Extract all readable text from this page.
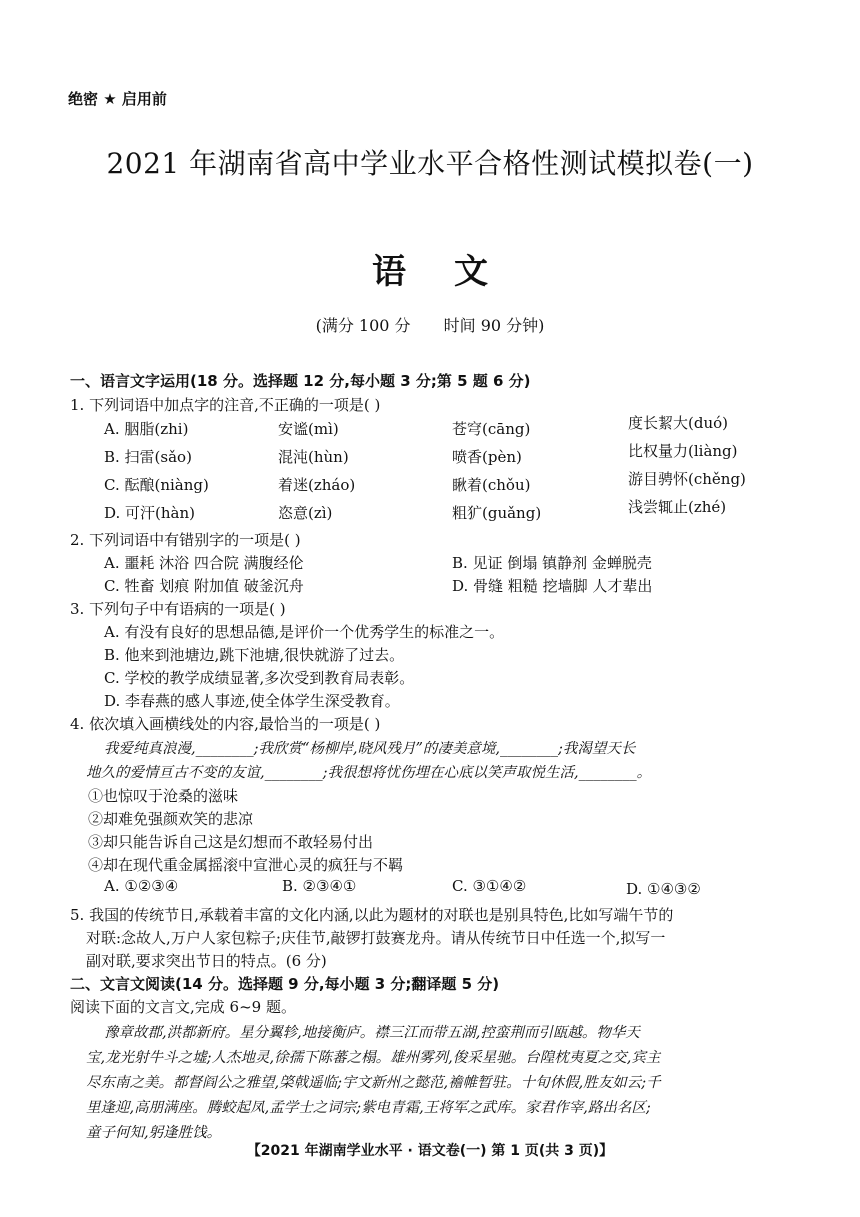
绝密 ★ 启用前
2021 年湖南省高中学业水平合格性测试模拟卷(一)
语文
(满分 100 分 时间 90 分钟)
一、语言文字运用(18 分。选择题 12 分,每小题 3 分;第 5 题 6 分)
1. 下列词语中加点字的注音,不正确的一项是( )
A. 胭脂(zhi)	安谧(mì)	苍穹(cāng)	度长絜大(duó)
B. 扫雷(sǎo)	混沌(hùn)	喷香(pèn)	比权量力(liàng)
C. 酝酿(niàng)	着迷(zháo)	瞅着(chǒu)	游目骋怀(chěng)
D. 可汗(hàn)	恣意(zì)	粗犷(guǎng)	浅尝辄止(zhé)
2. 下列词语中有错别字的一项是( )
A. 噩耗 沐浴 四合院 满腹经伦	B. 见证 倒塌 镇静剂 金蝉脱壳
C. 牲畜 划痕 附加值 破釜沉舟	D. 骨缝 粗糙 挖墙脚 人才辈出
3. 下列句子中有语病的一项是( )
A. 有没有良好的思想品德,是评价一个优秀学生的标准之一。
B. 他来到池塘边,跳下池塘,很快就游了过去。
C. 学校的教学成绩显著,多次受到教育局表彰。
D. 李春燕的感人事迹,使全体学生深受教育。
4. 依次填入画横线处的内容,最恰当的一项是( )
我爱纯真浪漫,________;我欣赏“杨柳岸,晓风残月”的凄美意境,________;我渴望天长
地久的爱情亘古不变的友谊,________;我很想将忧伤埋在心底以笑声取悦生活,________。
①也惊叹于沧桑的滋味
②却难免强颜欢笑的悲凉
③却只能告诉自己这是幻想而不敢轻易付出
④却在现代重金属摇滚中宣泄心灵的疯狂与不羁
A. ①②③④	B. ②③④①	C. ③①④②	D. ①④③②
5. 我国的传统节日,承载着丰富的文化内涵,以此为题材的对联也是别具特色,比如写端午节的
对联:念故人,万户人家包粽子;庆佳节,敲锣打鼓赛龙舟。请从传统节日中任选一个,拟写一
副对联,要求突出节日的特点。(6 分)
二、文言文阅读(14 分。选择题 9 分,每小题 3 分;翻译题 5 分)
阅读下面的文言文,完成 6~9 题。
豫章故郡,洪都新府。星分翼轸,地接衡庐。襟三江而带五湖,控蛮荆而引瓯越。物华天
宝,龙光射牛斗之墟;人杰地灵,徐孺下陈蕃之榻。雄州雾列,俊采星驰。台隍枕夷夏之交,宾主
尽东南之美。都督阎公之雅望,棨戟遥临;宇文新州之懿范,襜帷暂驻。十旬休假,胜友如云;千
里逢迎,高朋满座。腾蛟起凤,孟学士之词宗;紫电青霜,王将军之武库。家君作宰,路出名区;
童子何知,躬逢胜饯。
【2021 年湖南学业水平 · 语文卷(一) 第 1 页(共 3 页)】
